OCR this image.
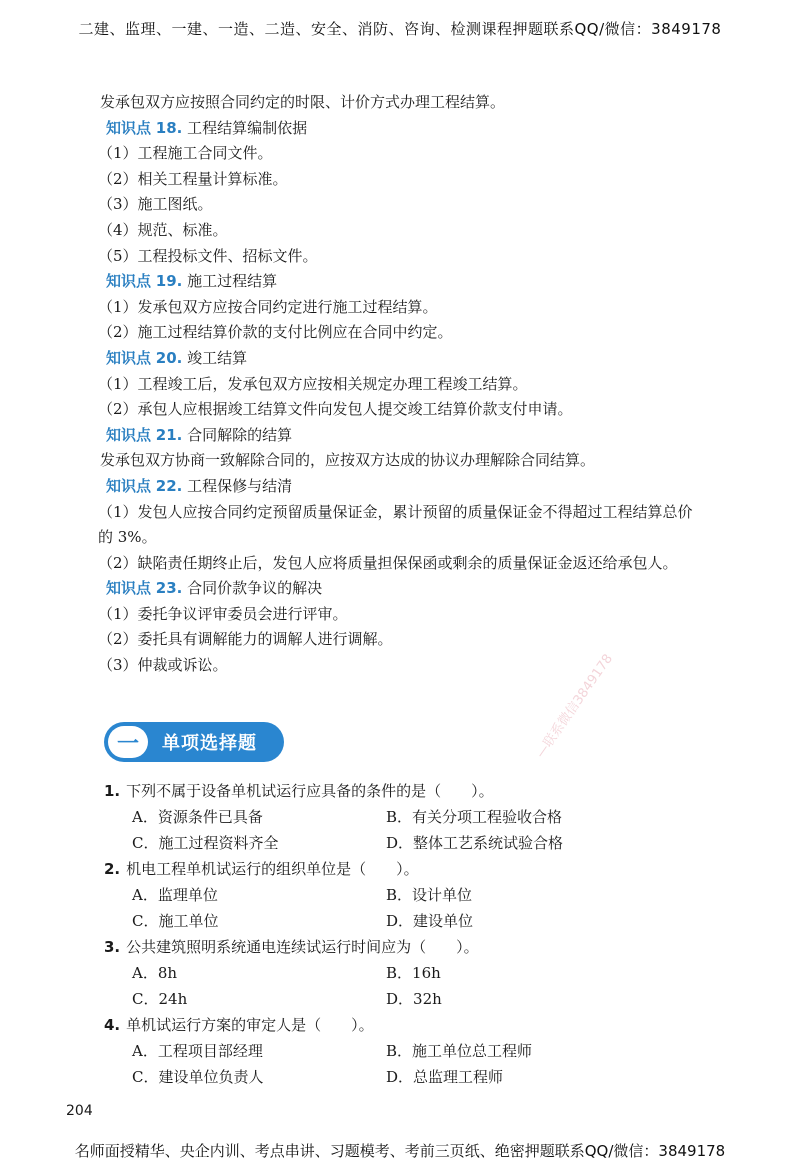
二建、监理、一建、一造、二造、安全、消防、咨询、检测课程押题联系QQ/微信：3849178
发承包双方应按照合同约定的时限、计价方式办理工程结算。
知识点 18. 工程结算编制依据
（1）工程施工合同文件。
（2）相关工程量计算标准。
（3）施工图纸。
（4）规范、标准。
（5）工程投标文件、招标文件。
知识点 19. 施工过程结算
（1）发承包双方应按合同约定进行施工过程结算。
（2）施工过程结算价款的支付比例应在合同中约定。
知识点 20. 竣工结算
（1）工程竣工后，发承包双方应按相关规定办理工程竣工结算。
（2）承包人应根据竣工结算文件向发包人提交竣工结算价款支付申请。
知识点 21. 合同解除的结算
发承包双方协商一致解除合同的，应按双方达成的协议办理解除合同结算。
知识点 22. 工程保修与结清
（1）发包人应按合同约定预留质量保证金，累计预留的质量保证金不得超过工程结算总价的 3%。
（2）缺陷责任期终止后，发包人应将质量担保保函或剩余的质量保证金返还给承包人。
知识点 23. 合同价款争议的解决
（1）委托争议评审委员会进行评审。
（2）委托具有调解能力的调解人进行调解。
（3）仲裁或诉讼。
一	单项选择题
1. 下列不属于设备单机试运行应具备的条件的是（　　）。
A．资源条件已具备	B．有关分项工程验收合格
C．施工过程资料齐全	D．整体工艺系统试验合格
2. 机电工程单机试运行的组织单位是（　　）。
A．监理单位	B．设计单位
C．施工单位	D．建设单位
3. 公共建筑照明系统通电连续试运行时间应为（　　）。
A．8h	B．16h
C．24h	D．32h
4. 单机试运行方案的审定人是（　　）。
A．工程项目部经理	B．施工单位总工程师
C．建设单位负责人	D．总监理工程师
—联系微信3849178
204
名师面授精华、央企内训、考点串讲、习题模考、考前三页纸、绝密押题联系QQ/微信：3849178
